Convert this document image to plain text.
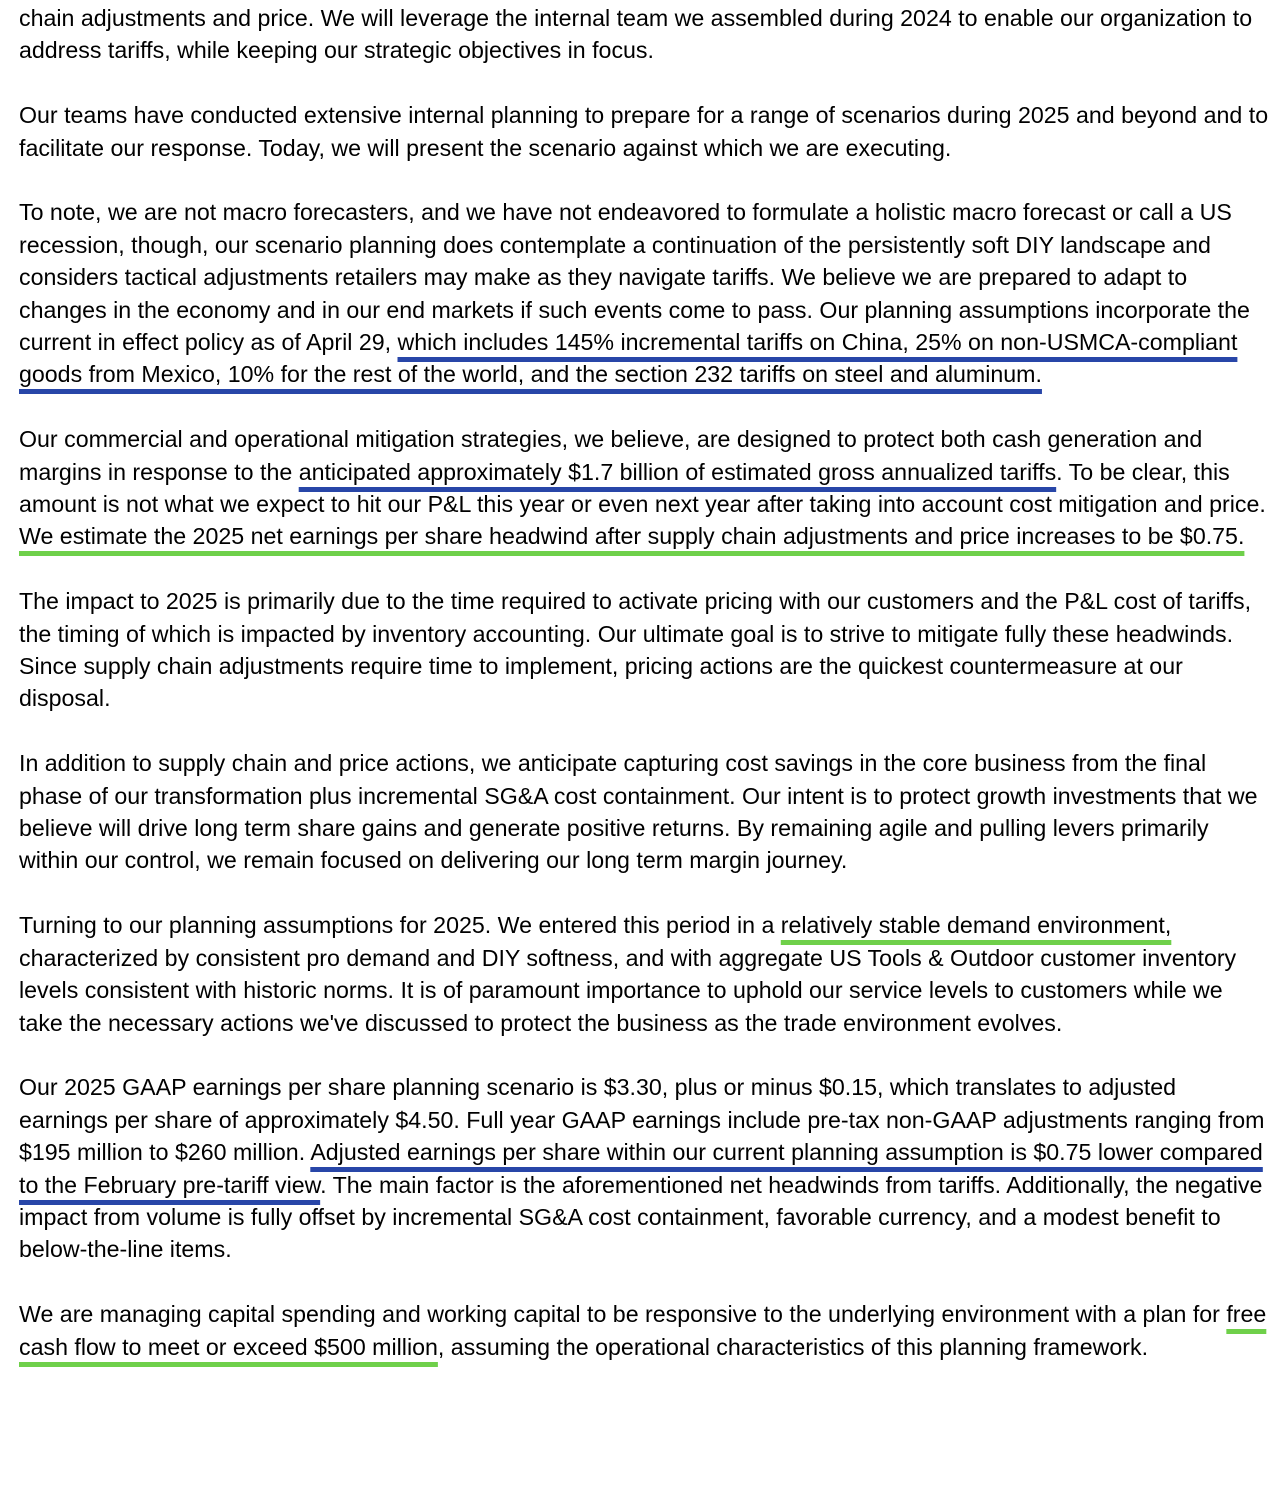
chain adjustments and price. We will leverage the internal team we assembled during 2024 to enable our organization to address tariffs, while keeping our strategic objectives in focus.

Our teams have conducted extensive internal planning to prepare for a range of scenarios during 2025 and beyond and to facilitate our response. Today, we will present the scenario against which we are executing.

To note, we are not macro forecasters, and we have not endeavored to formulate a holistic macro forecast or call a US recession, though, our scenario planning does contemplate a continuation of the persistently soft DIY landscape and considers tactical adjustments retailers may make as they navigate tariffs. We believe we are prepared to adapt to changes in the economy and in our end markets if such events come to pass. Our planning assumptions incorporate the current in effect policy as of April 29, which includes 145% incremental tariffs on China, 25% on non-USMCA-compliant goods from Mexico, 10% for the rest of the world, and the section 232 tariffs on steel and aluminum.

Our commercial and operational mitigation strategies, we believe, are designed to protect both cash generation and margins in response to the anticipated approximately $1.7 billion of estimated gross annualized tariffs. To be clear, this amount is not what we expect to hit our P&L this year or even next year after taking into account cost mitigation and price. We estimate the 2025 net earnings per share headwind after supply chain adjustments and price increases to be $0.75.

The impact to 2025 is primarily due to the time required to activate pricing with our customers and the P&L cost of tariffs, the timing of which is impacted by inventory accounting. Our ultimate goal is to strive to mitigate fully these headwinds. Since supply chain adjustments require time to implement, pricing actions are the quickest countermeasure at our disposal.

In addition to supply chain and price actions, we anticipate capturing cost savings in the core business from the final phase of our transformation plus incremental SG&A cost containment. Our intent is to protect growth investments that we believe will drive long term share gains and generate positive returns. By remaining agile and pulling levers primarily within our control, we remain focused on delivering our long term margin journey.

Turning to our planning assumptions for 2025. We entered this period in a relatively stable demand environment, characterized by consistent pro demand and DIY softness, and with aggregate US Tools & Outdoor customer inventory levels consistent with historic norms. It is of paramount importance to uphold our service levels to customers while we take the necessary actions we've discussed to protect the business as the trade environment evolves.

Our 2025 GAAP earnings per share planning scenario is $3.30, plus or minus $0.15, which translates to adjusted earnings per share of approximately $4.50. Full year GAAP earnings include pre-tax non-GAAP adjustments ranging from $195 million to $260 million. Adjusted earnings per share within our current planning assumption is $0.75 lower compared to the February pre-tariff view. The main factor is the aforementioned net headwinds from tariffs. Additionally, the negative impact from volume is fully offset by incremental SG&A cost containment, favorable currency, and a modest benefit to below-the-line items.

We are managing capital spending and working capital to be responsive to the underlying environment with a plan for free cash flow to meet or exceed $500 million, assuming the operational characteristics of this planning framework.
